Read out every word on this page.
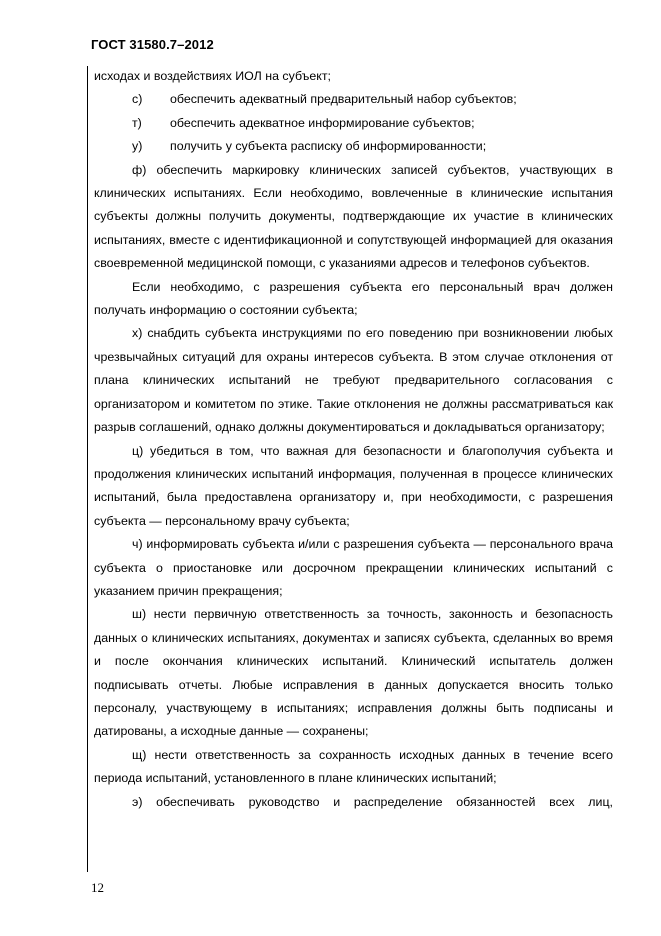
ГОСТ 31580.7–2012

исходах и воздействиях ИОЛ на субъект;

с)	обеспечить адекватный предварительный набор субъектов;
т)	обеспечить адекватное информирование субъектов;
у)	получить у субъекта расписку об информированности;

ф) обеспечить маркировку клинических записей субъектов, участвующих в клинических испытаниях. Если необходимо, вовлеченные в клинические испытания субъекты должны получить документы, подтверждающие их участие в клинических испытаниях, вместе с идентификационной и сопутствующей информацией для оказания своевременной медицинской помощи, с указаниями адресов и телефонов субъектов.

Если необходимо, с разрешения субъекта его персональный врач должен получать информацию о состоянии субъекта;

х) снабдить субъекта инструкциями по его поведению при возникновении любых чрезвычайных ситуаций для охраны интересов субъекта. В этом случае отклонения от плана клинических испытаний не требуют предварительного согласования с организатором и комитетом по этике. Такие отклонения не должны рассматриваться как разрыв соглашений, однако должны документироваться и докладываться организатору;

ц) убедиться в том, что важная для безопасности и благополучия субъекта и продолжения клинических испытаний информация, полученная в процессе клинических испытаний, была предоставлена организатору и, при необходимости, с разрешения субъекта — персональному врачу субъекта;

ч) информировать субъекта и/или с разрешения субъекта — персонального врача субъекта о приостановке или досрочном прекращении клинических испытаний с указанием причин прекращения;

ш) нести первичную ответственность за точность, законность и безопасность данных о клинических испытаниях, документах и записях субъекта, сделанных во время и после окончания клинических испытаний. Клинический испытатель должен подписывать отчеты. Любые исправления в данных допускается вносить только персоналу, участвующему в испытаниях; исправления должны быть подписаны и датированы, а исходные данные — сохранены;

щ) нести ответственность за сохранность исходных данных в течение всего периода испытаний, установленного в плане клинических испытаний;

э) обеспечивать руководство и распределение обязанностей всех лиц,

12
